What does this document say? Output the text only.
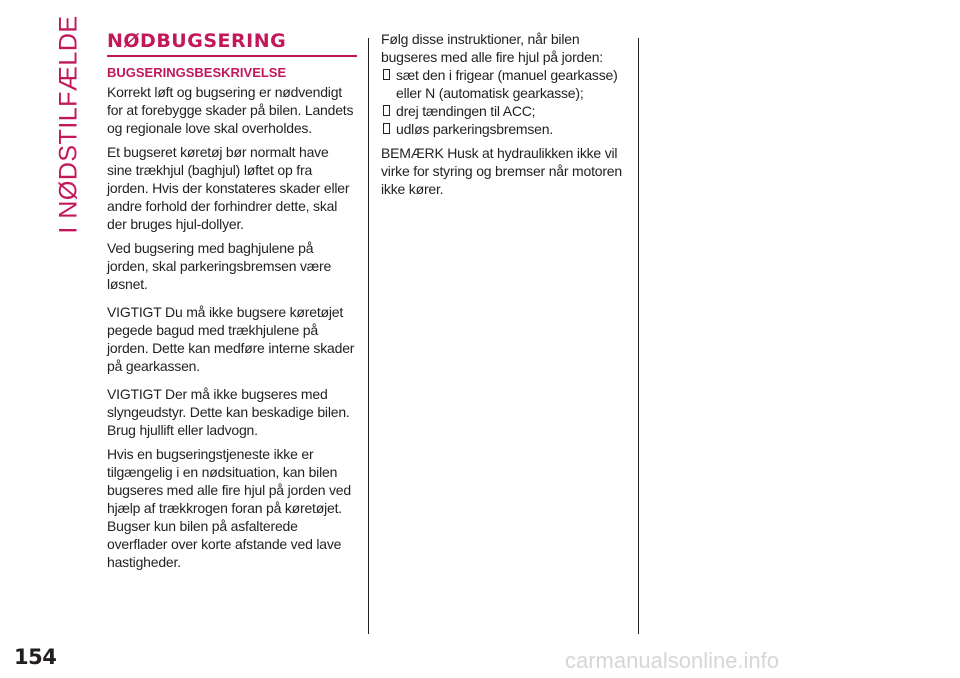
I NØDSTILFÆLDE NØDBUGSERING
BUGSERINGSBESKRIVELSE

Korrekt løft og bugsering er nødvendigt for at forebygge skader på bilen. Landets og regionale love skal overholdes.

Et bugseret køretøj bør normalt have sine trækhjul (baghjul) løftet op fra jorden. Hvis der konstateres skader eller andre forhold der forhindrer dette, skal der bruges hjul-dollyer.

Ved bugsering med baghjulene på jorden, skal parkeringsbremsen være løsnet.

VIGTIGT Du må ikke bugsere køretøjet pegede bagud med trækhjulene på jorden. Dette kan medføre interne skader på gearkassen.

VIGTIGT Der må ikke bugseres med slyngeudstyr. Dette kan beskadige bilen. Brug hjullift eller ladvogn.

Hvis en bugseringstjeneste ikke er tilgængelig i en nødsituation, kan bilen bugseres med alle fire hjul på jorden ved hjælp af trækkrogen foran på køretøjet. Bugser kun bilen på asfalterede overflader over korte afstande ved lave hastigheder.

Følg disse instruktioner, når bilen bugseres med alle fire hjul på jorden:

sæt den i frigear (manuel gearkasse) eller N (automatisk gearkasse);
drej tændingen til ACC;
udløs parkeringsbremsen.

BEMÆRK Husk at hydraulikken ikke vil virke for styring og bremser når motoren ikke kører.

154	carmanualsonline.info
